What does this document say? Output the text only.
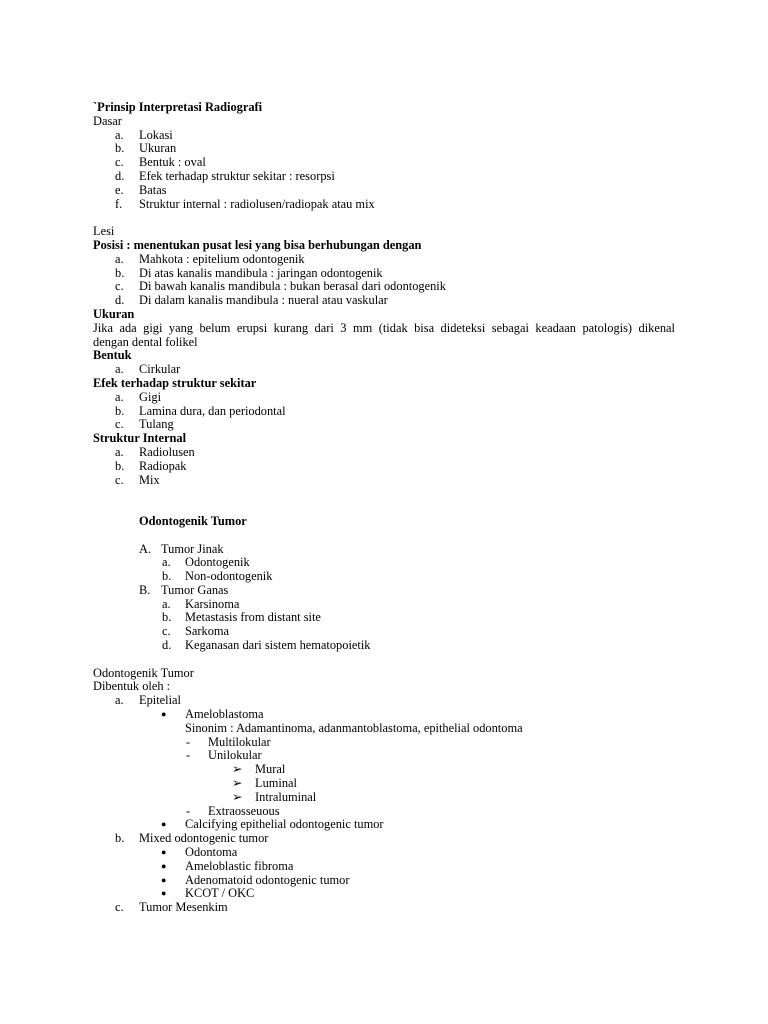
`Prinsip Interpretasi Radiografi
Dasar
a. Lokasi
b. Ukuran
c. Bentuk : oval
d. Efek terhadap struktur sekitar : resorpsi
e. Batas
f. Struktur internal : radiolusen/radiopak atau mix
Lesi
Posisi : menentukan pusat lesi yang bisa berhubungan dengan
a. Mahkota : epitelium odontogenik
b. Di atas kanalis mandibula : jaringan odontogenik
c. Di bawah kanalis mandibula : bukan berasal dari odontogenik
d. Di dalam kanalis mandibula : nueral atau vaskular
Ukuran
Jika ada gigi yang belum erupsi kurang dari 3 mm (tidak bisa dideteksi sebagai keadaan patologis) dikenal
dengan dental folikel
Bentuk
a. Cirkular
Efek terhadap struktur sekitar
a. Gigi
b. Lamina dura, dan periodontal
c. Tulang
Struktur Internal
a. Radiolusen
b. Radiopak
c. Mix
Odontogenik Tumor
A. Tumor Jinak
a. Odontogenik
b. Non-odontogenik
B. Tumor Ganas
a. Karsinoma
b. Metastasis from distant site
c. Sarkoma
d. Keganasan dari sistem hematopoietik
Odontogenik Tumor
Dibentuk oleh :
a. Epitelial
● Ameloblastoma
Sinonim : Adamantinoma, adanmantoblastoma, epithelial odontoma
- Multilokular
- Unilokular
➢ Mural
➢ Luminal
➢ Intraluminal
- Extraosseuous
● Calcifying epithelial odontogenic tumor
b. Mixed odontogenic tumor
● Odontoma
● Ameloblastic fibroma
● Adenomatoid odontogenic tumor
● KCOT / OKC
c. Tumor Mesenkim
